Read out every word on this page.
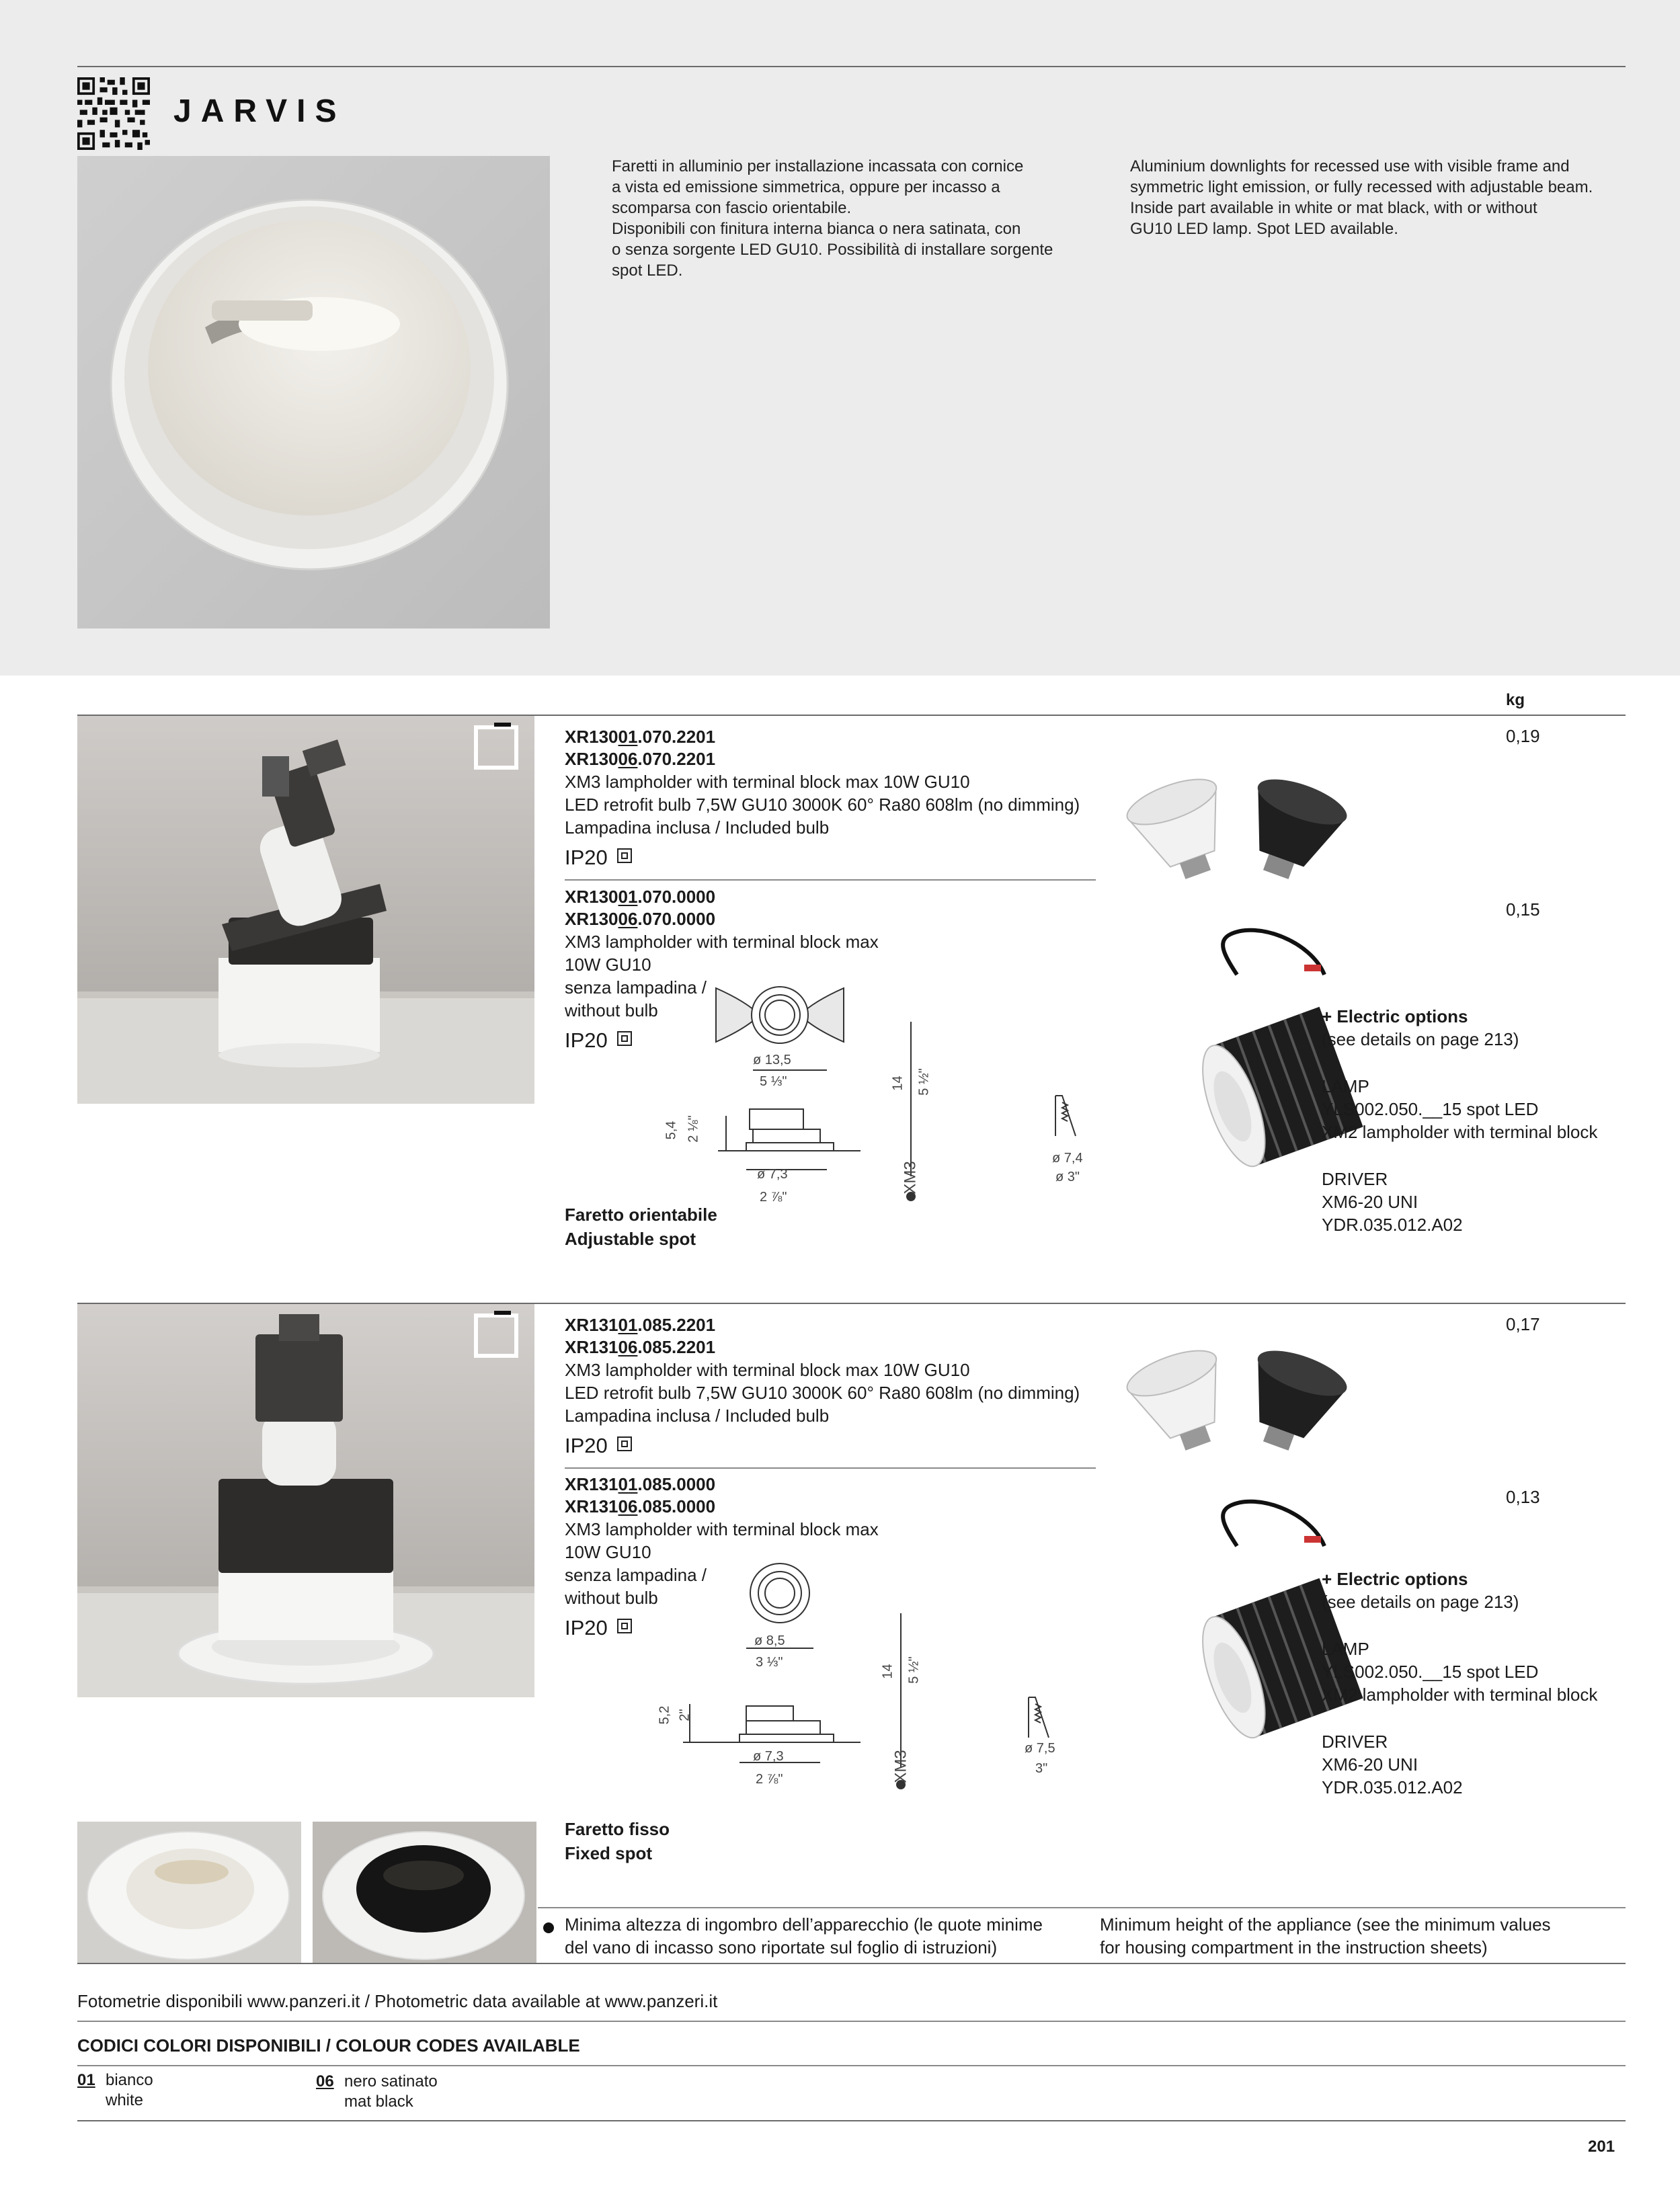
JARVIS
Faretti in alluminio per installazione incassata con cornice
a vista ed emissione simmetrica, oppure per incasso a
scomparsa con fascio orientabile.
Disponibili con finitura interna bianca o nera satinata, con
o senza sorgente LED GU10. Possibilità di installare sorgente
spot LED.
Aluminium downlights for recessed use with visible frame and
symmetric light emission, or fully recessed with adjustable beam.
Inside part available in white or mat black, with or without
GU10 LED lamp. Spot LED available.
kg
XR13001.070.2201
XR13006.070.2201
XM3 lampholder with terminal block max 10W GU10
LED retrofit bulb 7,5W GU10 3000K 60° Ra80 608lm (no dimming)
Lampadina inclusa / Included bulb
IP20
0,19
XR13001.070.0000
XR13006.070.0000
XM3 lampholder with terminal block max 10W GU10
senza lampadina /
without bulb
IP20
0,15
ø 13,5
5 ⅓"
5,4 2 ⅛"
ø 7,3
2 ⅞"
14 5 ½"
XM3
ø 7,4
ø 3"
Faretto orientabile
Adjustable spot
+ Electric options
(see details on page 213)
LAMP
YLS002.050.__15 spot LED
XM2 lampholder with terminal block
DRIVER
XM6-20 UNI
YDR.035.012.A02
XR13101.085.2201
XR13106.085.2201
XM3 lampholder with terminal block max 10W GU10
LED retrofit bulb 7,5W GU10 3000K 60° Ra80 608lm (no dimming)
Lampadina inclusa / Included bulb
IP20
0,17
XR13101.085.0000
XR13106.085.0000
XM3 lampholder with terminal block max 10W GU10
senza lampadina /
without bulb
IP20
0,13
ø 8,5
3 ⅓"
5,2 2"
ø 7,3
2 ⅞"
14 5 ½"
XM3
ø 7,5
3"
Faretto fisso
Fixed spot
+ Electric options
(see details on page 213)
LAMP
YLS002.050.__15 spot LED
XM2 lampholder with terminal block
DRIVER
XM6-20 UNI
YDR.035.012.A02
Minima altezza di ingombro dell’apparecchio (le quote minime
del vano di incasso sono riportate sul foglio di istruzioni)
Minimum height of the appliance (see the minimum values
for housing compartment in the instruction sheets)
Fotometrie disponibili www.panzeri.it / Photometric data available at www.panzeri.it
CODICI COLORI DISPONIBILI / COLOUR CODES AVAILABLE
01 bianco
white
06 nero satinato
mat black
201
